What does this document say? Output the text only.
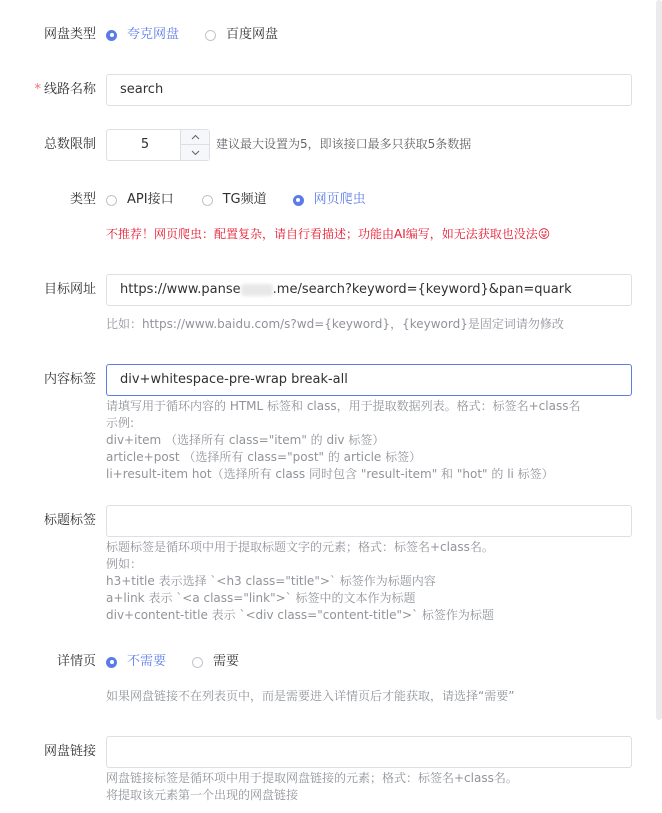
网盘类型 夸克网盘	百度网盘
* 线路名称	search
总数限制	5	建议最大设置为5，即该接口最多只获取5条数据
类型 API接口	TG频道	网页爬虫
不推荐！网页爬虫：配置复杂，请自行看描述；功能由AI编写，如无法获取也没法😜
目标网址	https://www.panse .me/search?keyword={keyword}&pan=quark
比如：https://www.baidu.com/s?wd={keyword}，{keyword}是固定词请勿修改
内容标签	div+whitespace-pre-wrap break-all
请填写用于循环内容的 HTML 标签和 class，用于提取数据列表。格式：标签名+class名
示例:
div+item （选择所有 class="item" 的 div 标签）
article+post （选择所有 class="post" 的 article 标签）
li+result-item hot（选择所有 class 同时包含 "result-item" 和 "hot" 的 li 标签）
标题标签
标题标签是循环项中用于提取标题文字的元素；格式：标签名+class名。
例如：
h3+title 表示选择 `<h3 class="title">` 标签作为标题内容
a+link 表示 `<a class="link">` 标签中的文本作为标题
div+content-title 表示 `<div class="content-title">` 标签作为标题
详情页 不需要	需要
如果网盘链接不在列表页中，而是需要进入详情页后才能获取，请选择“需要”
网盘链接
网盘链接标签是循环项中用于提取网盘链接的元素；格式：标签名+class名。
将提取该元素第一个出现的网盘链接
